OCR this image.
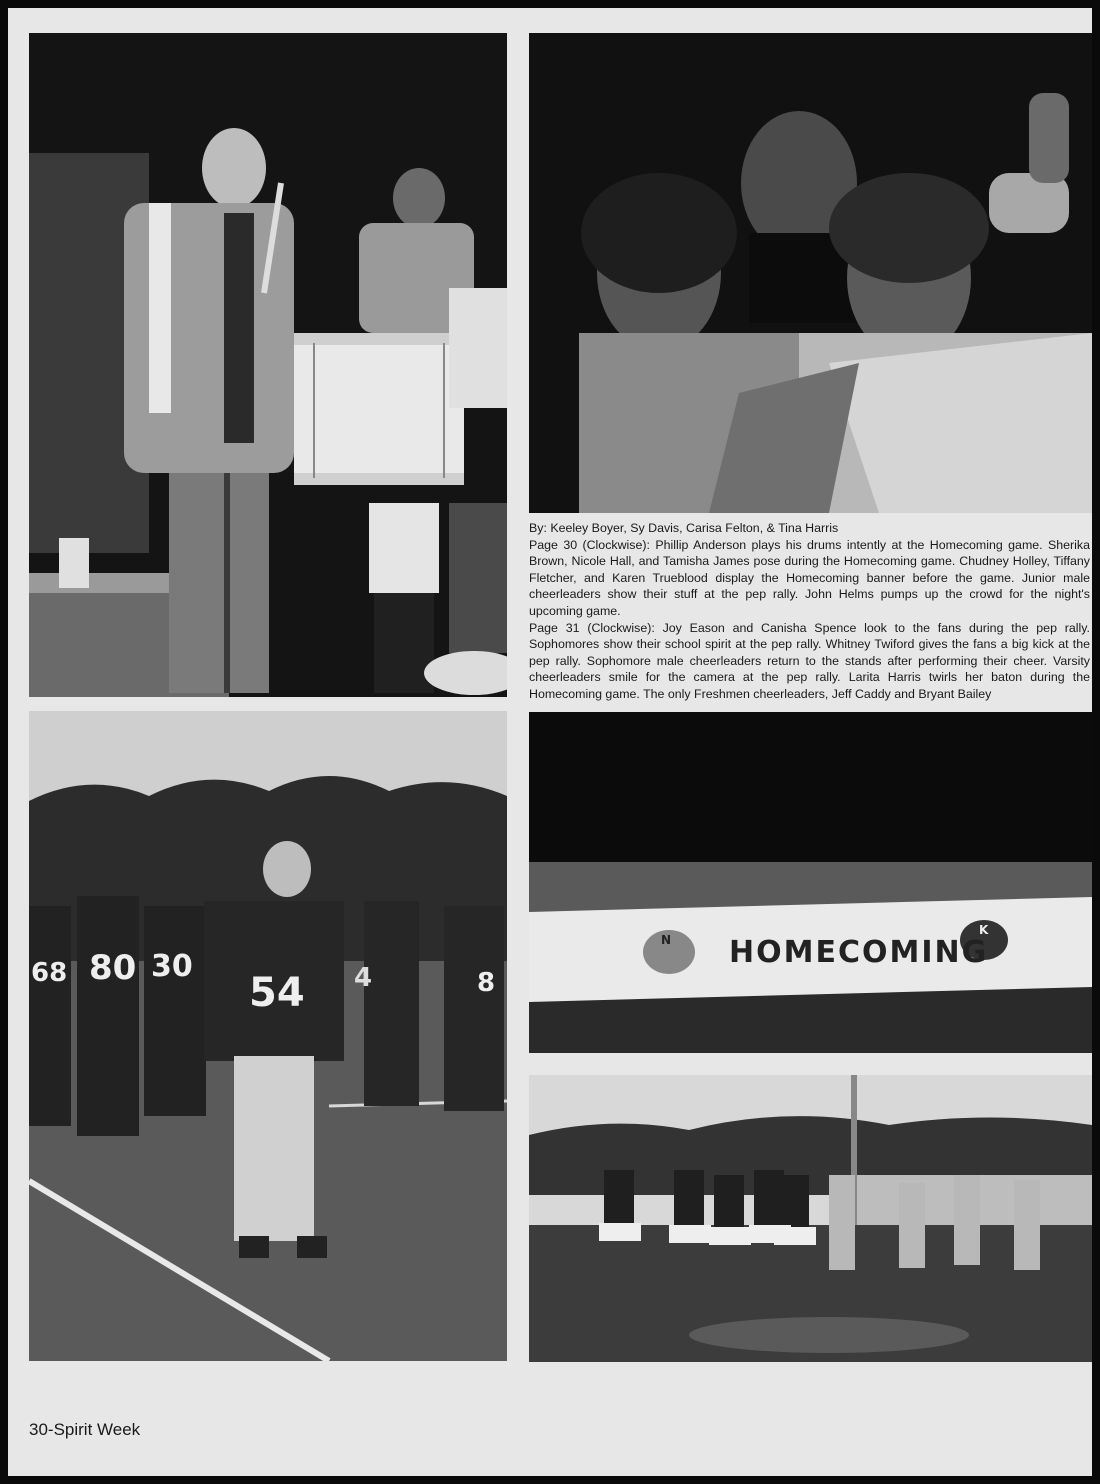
By: Keeley Boyer, Sy Davis, Carisa Felton, & Tina Harris

Page 30 (Clockwise): Phillip Anderson plays his drums intently at the Homecoming game. Sherika Brown, Nicole Hall, and Tamisha James pose during the Homecoming game. Chudney Holley, Tiffany Fletcher, and Karen Trueblood display the Homecoming banner before the game. Junior male cheerleaders show their stuff at the pep rally. John Helms pumps up the crowd for the night's upcoming game.

Page 31 (Clockwise): Joy Eason and Canisha Spence look to the fans during the pep rally. Sophomores show their school spirit at the pep rally. Whitney Twiford gives the fans a big kick at the pep rally. Sophomore male cheerleaders return to the stands after performing their cheer. Varsity cheerleaders smile for the camera at the pep rally. Larita Harris twirls her baton during the Homecoming game. The only Freshmen cheerleaders, Jeff Caddy and Bryant Bailey

68 80 30
54	8
4
N
K
HOMECOMING
30-Spirit Week
